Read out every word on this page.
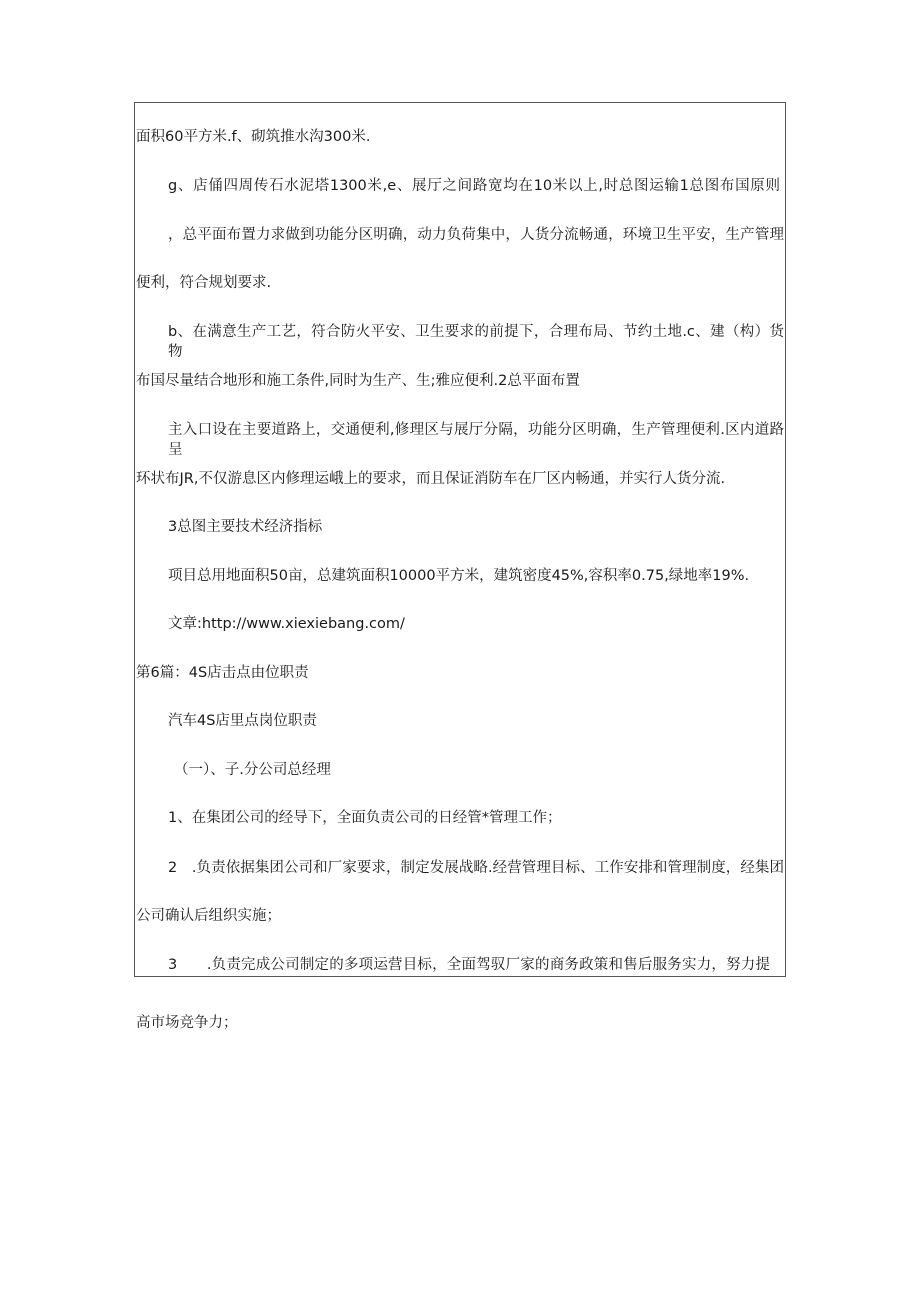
面积60平方米.f、砌筑推水沟300米.
g、店俑四周传石水泥塔1300米,e、展厅之间路宽均在10米以上,时总图运输1总图布国原则
，总平面布置力求做到功能分区明确，动力负荷集中，人货分流畅通，环境卫生平安，生产管理
便利，符合规划要求.
b、在满意生产工艺，符合防火平安、卫生要求的前提下，合理布局、节约土地.c、建（构）货物
布国尽量结合地形和施工条件,同时为生产、生;雅应便利.2总平面布置
主入口设在主要道路上，交通便利,修理区与展厅分隔，功能分区明确，生产管理便利.区内道路呈
环状布JR,不仅游息区内修理运峨上的要求，而且保证消防车在厂区内畅通，并实行人货分流.
3总图主要技术经济指标
项目总用地面积50亩，总建筑面积10000平方米，建筑密度45%,容积率0.75,绿地率19%.
文章:http://www.xiexiebang.com/
第6篇：4S店击点由位职责
汽车4S店里点岗位职责
（一）、子.分公司总经理
1、在集团公司的经导下，全面负责公司的日经管*管理工作；
2　.负责依据集团公司和厂家要求，制定发展战略.经营管理目标、工作安排和管理制度，经集团
公司确认后组织实施；
3　　.负责完成公司制定的多项运营目标，全面驾驭厂家的商务政策和售后服务实力，努力提
高市场竞争力；
